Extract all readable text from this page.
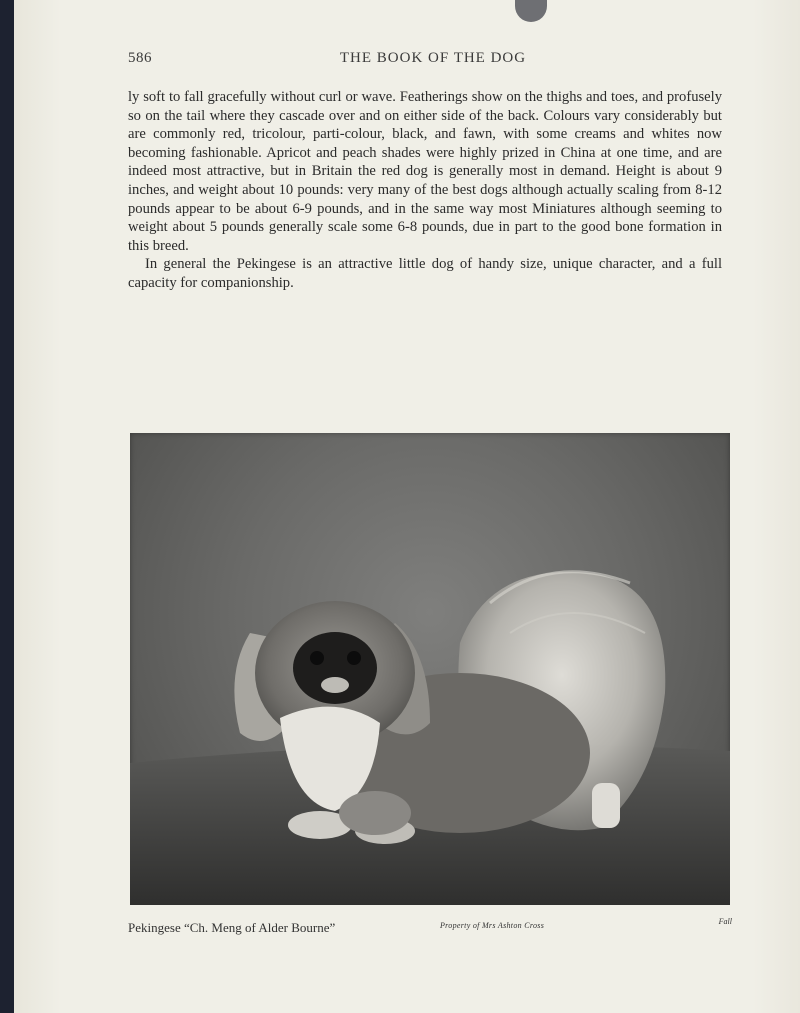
586	THE BOOK OF THE DOG

ly soft to fall gracefully without curl or wave. Featherings show on the thighs and toes, and profusely so on the tail where they cascade over and on either side of the back. Colours vary considerably but are commonly red, tricolour, parti-colour, black, and fawn, with some creams and whites now becoming fashionable. Apricot and peach shades were highly prized in China at one time, and are indeed most attractive, but in Britain the red dog is generally most in demand. Height is about 9 inches, and weight about 10 pounds: very many of the best dogs although actually scaling from 8-12 pounds appear to be about 6-9 pounds, and in the same way most Miniatures although seeming to weight about 5 pounds generally scale some 6-8 pounds, due in part to the good bone formation in this breed.

In general the Pekingese is an attractive little dog of handy size, unique character, and a full capacity for companionship.

Pekingese “Ch. Meng of Alder Bourne”	Property of Mrs Ashton Cross	Fall
